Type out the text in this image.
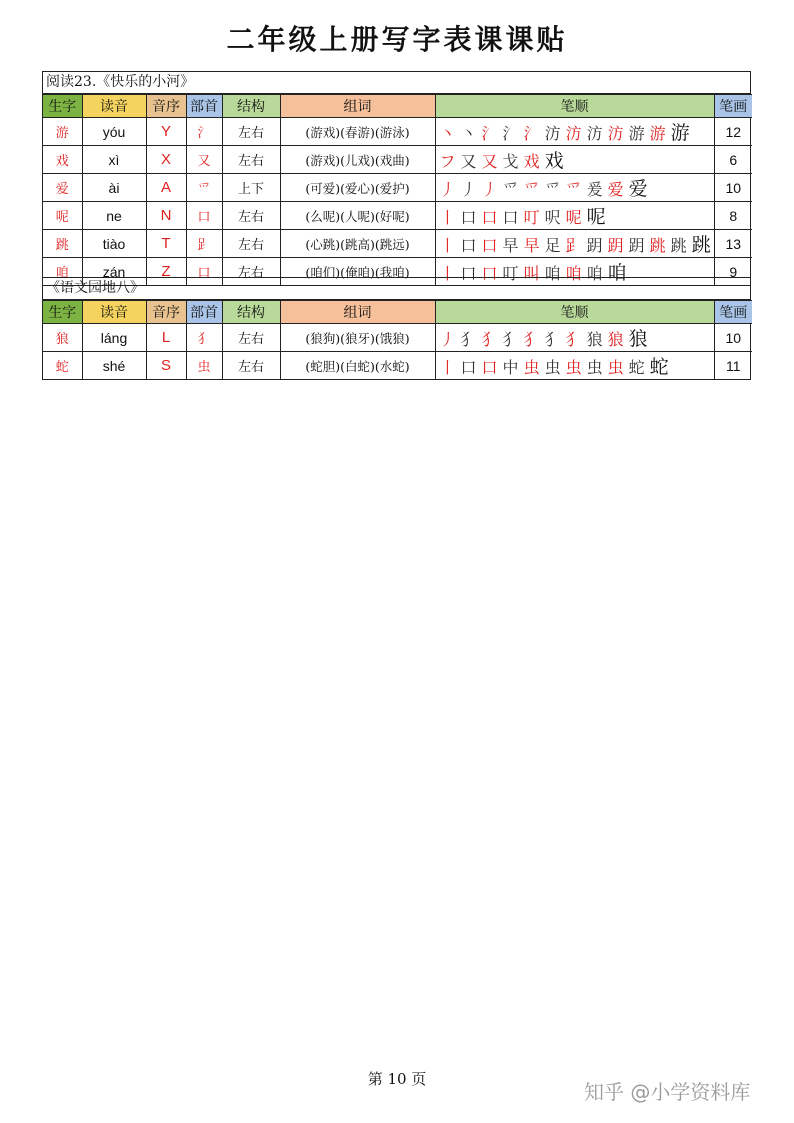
二年级上册写字表课课贴
阅读23.《快乐的小河》
生字	读音	音序	部首	结构	组词	笔顺	笔画
游	yóu	Y	氵	左右	(游戏)(春游)(游泳)	丶 丶 氵 氵 氵 汸 汸 汸 汸 游 游 游	12
戏	xì	X	又	左右	(游戏)(儿戏)(戏曲)	フ 又 又 戈 戏 戏	6
爱	ài	A	爫	上下	(可爱)(爱心)(爱护)	丿 丿 丿 爫 爫 爫 爫 爰 爱 爱	10
呢	ne	N	口	左右	(么呢)(人呢)(好呢)	丨 口 口 口 叮 呎 呢 呢	8
跳	tiào	T	𧾷	左右	(心跳)(跳高)(跳远)	丨 口 口 早 早 足 𧾷 跀 跀 跀 跳 跳 跳	13
咱	zán	Z	口	左右	(咱们)(俺咱)(我咱)	丨 口 口 叮 叫 咱 咱 咱 咱	9
《语文园地八》
生字	读音	音序	部首	结构	组词	笔顺	笔画
狼	láng	L	犭	左右	(狼狗)(狼牙)(饿狼)	丿 犭 犭 犭 犭 犭 犭 狼 狼 狼	10
蛇	shé	S	虫	左右	(蛇胆)(白蛇)(水蛇)	丨 口 口 中 虫 虫 虫 虫 虫 蛇 蛇	11
第 10 页
知乎 @小学资料库
